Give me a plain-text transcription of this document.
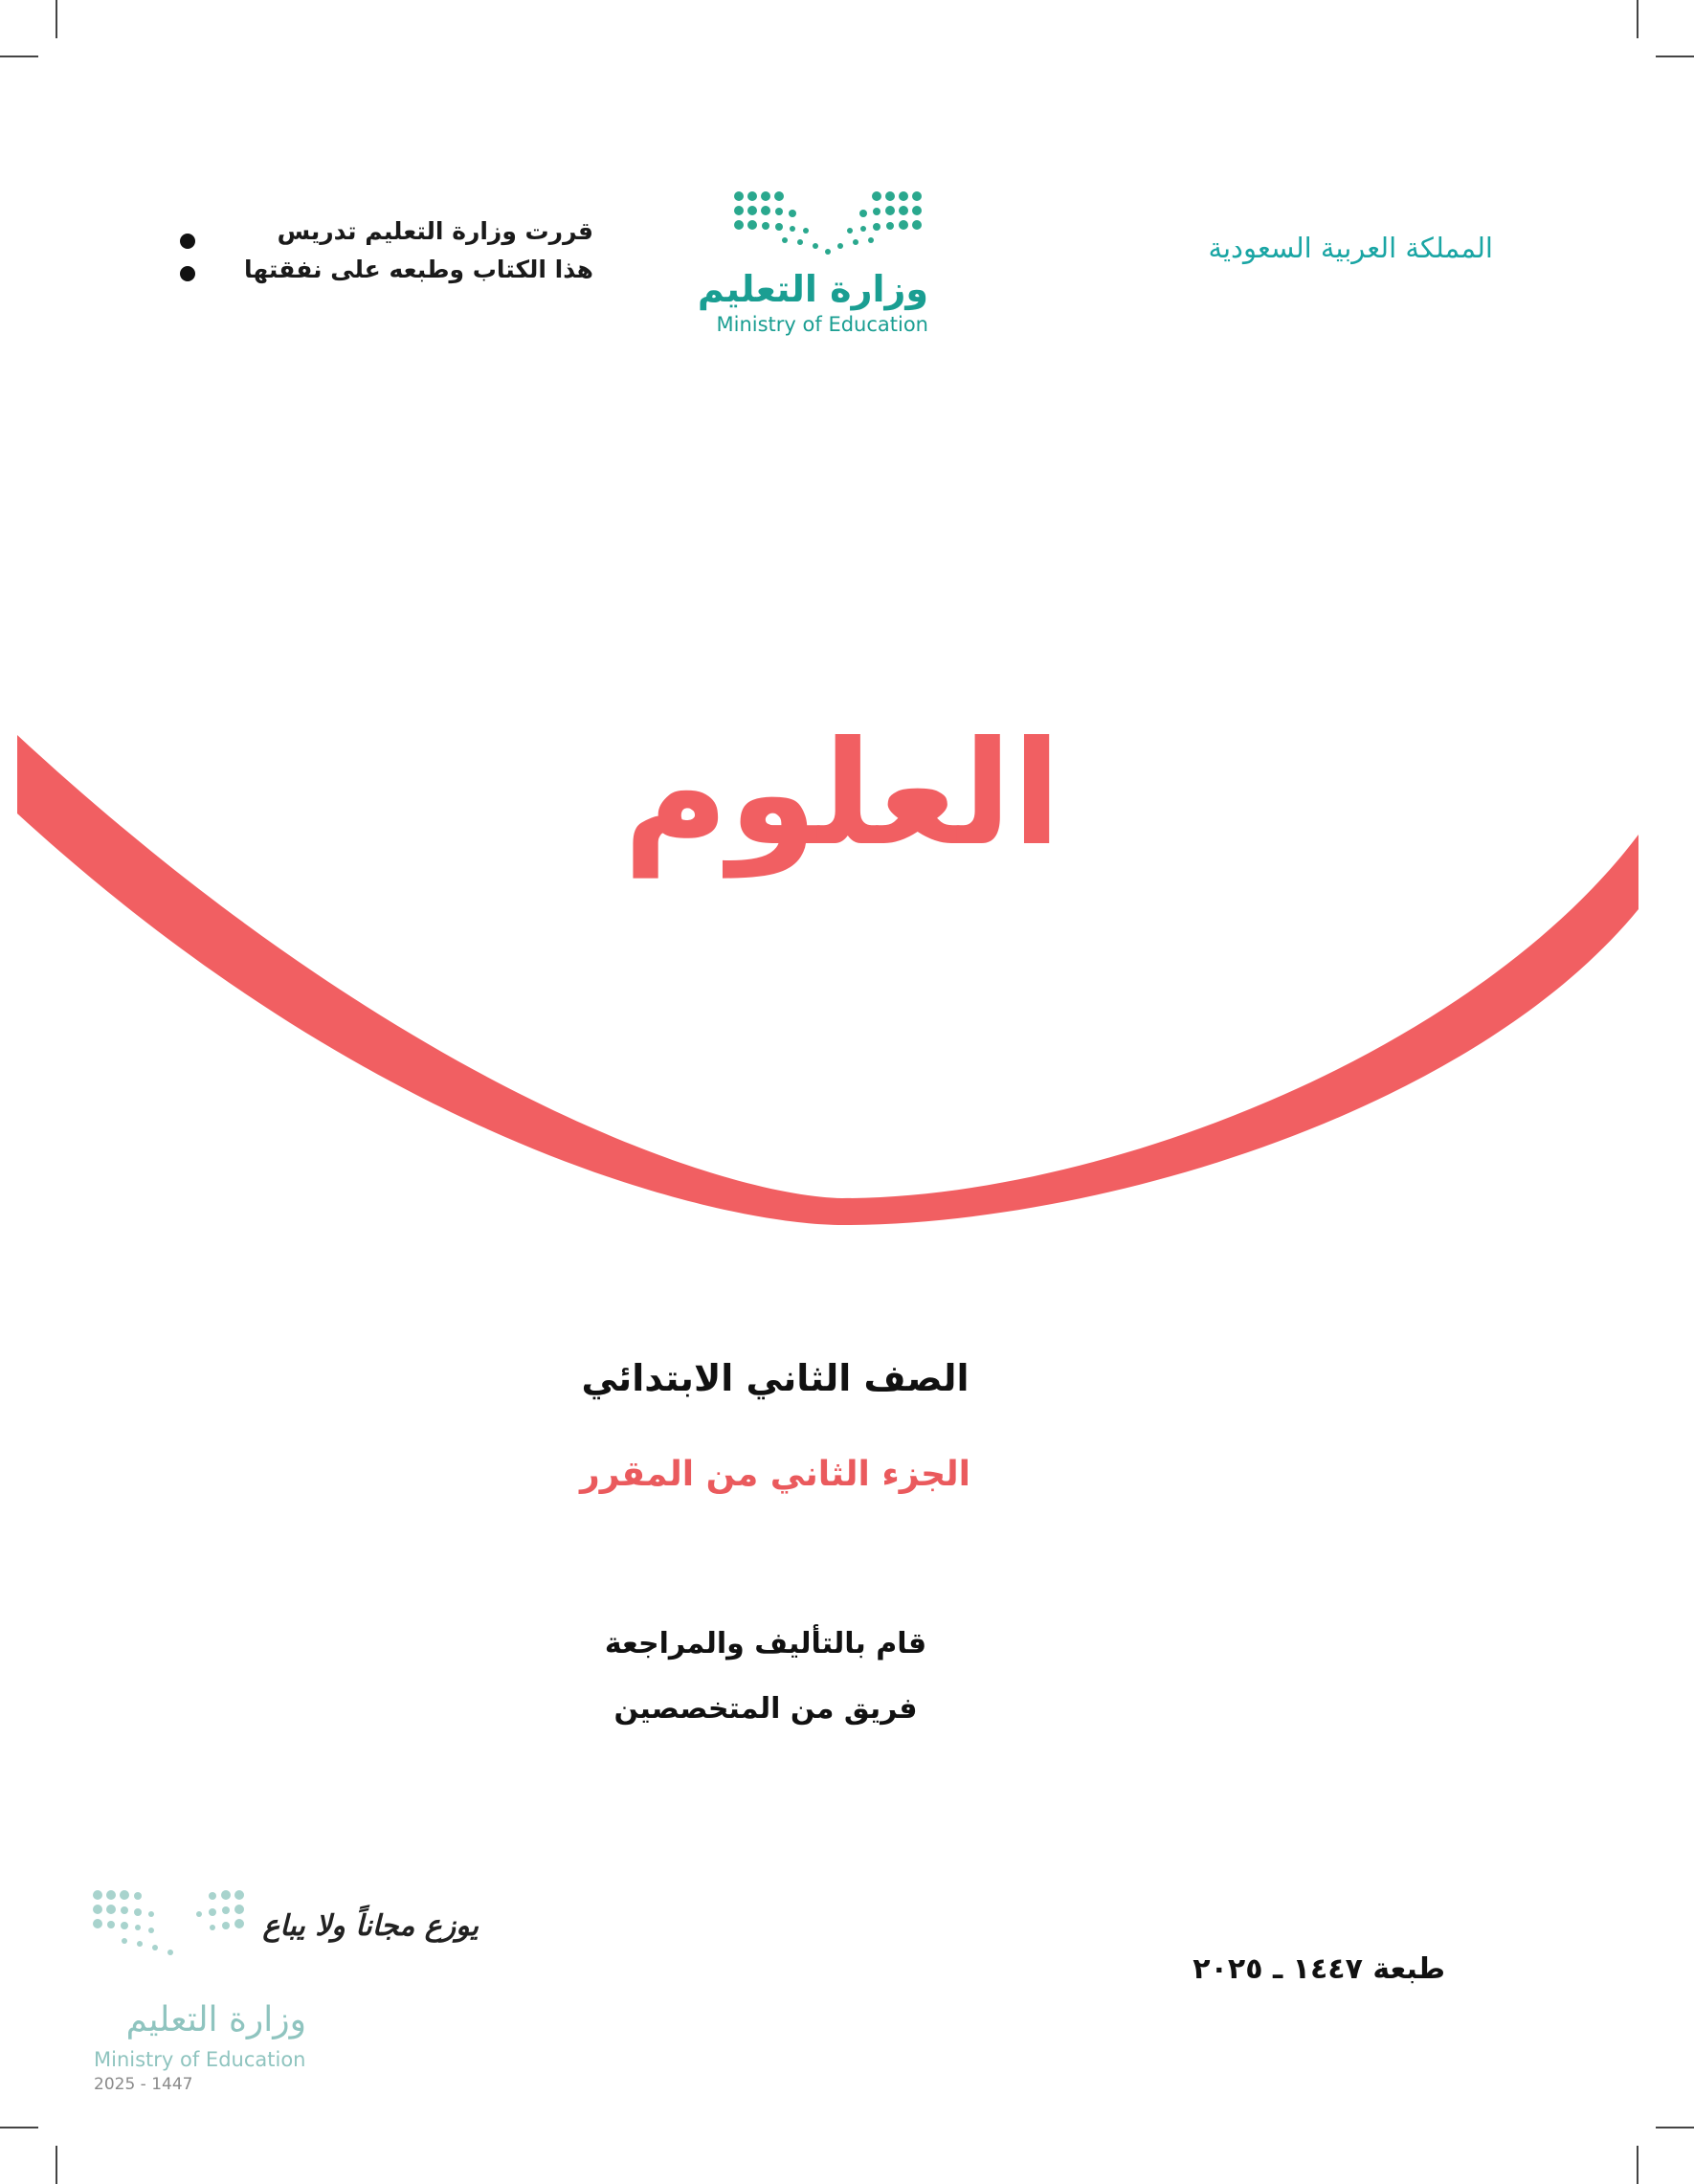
المملكة العربية السعودية
وزارة التعليم
Ministry of Education
قررت وزارة التعليم تدريس
هذا الكتاب وطبعه على نفقتها
العلوم
الصف الثاني الابتدائي
الجزء الثاني من المقرر
قام بالتأليف والمراجعة
فريق من المتخصصين
طبعة ١٤٤٧ ـ ٢٠٢٥
يوزع مجاناً ولا يباع
وزارة التعليم
Ministry of Education
2025 - 1447
